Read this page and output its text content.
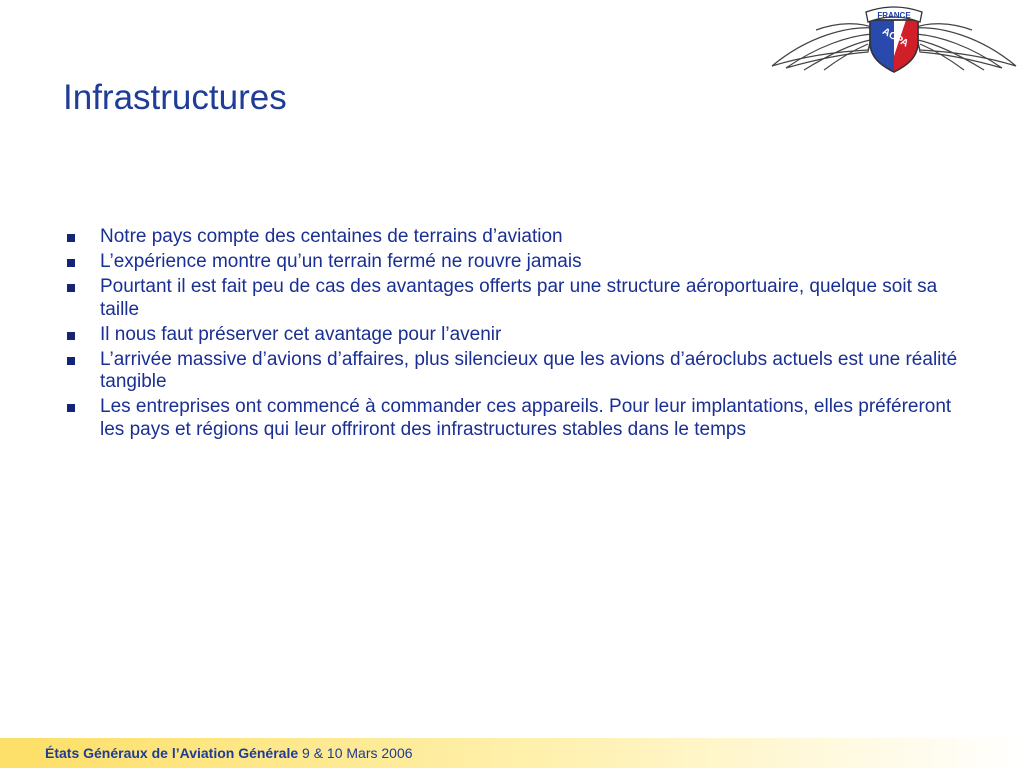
AOPA
FRANCE
Infrastructures
Notre pays compte des centaines de terrains d’aviation
L’expérience montre qu’un terrain fermé ne rouvre jamais
Pourtant il est fait peu de cas des avantages offerts par une structure aéroportuaire, quelque soit sa taille
Il nous faut préserver cet avantage pour l’avenir
L’arrivée massive d’avions d’affaires, plus silencieux que les avions d’aéroclubs actuels est une réalité tangible
Les entreprises ont commencé à commander ces appareils. Pour leur implantations, elles préféreront les pays et régions qui leur offriront des infrastructures stables dans le temps
États Généraux de l’Aviation Générale 9 & 10 Mars 2006
